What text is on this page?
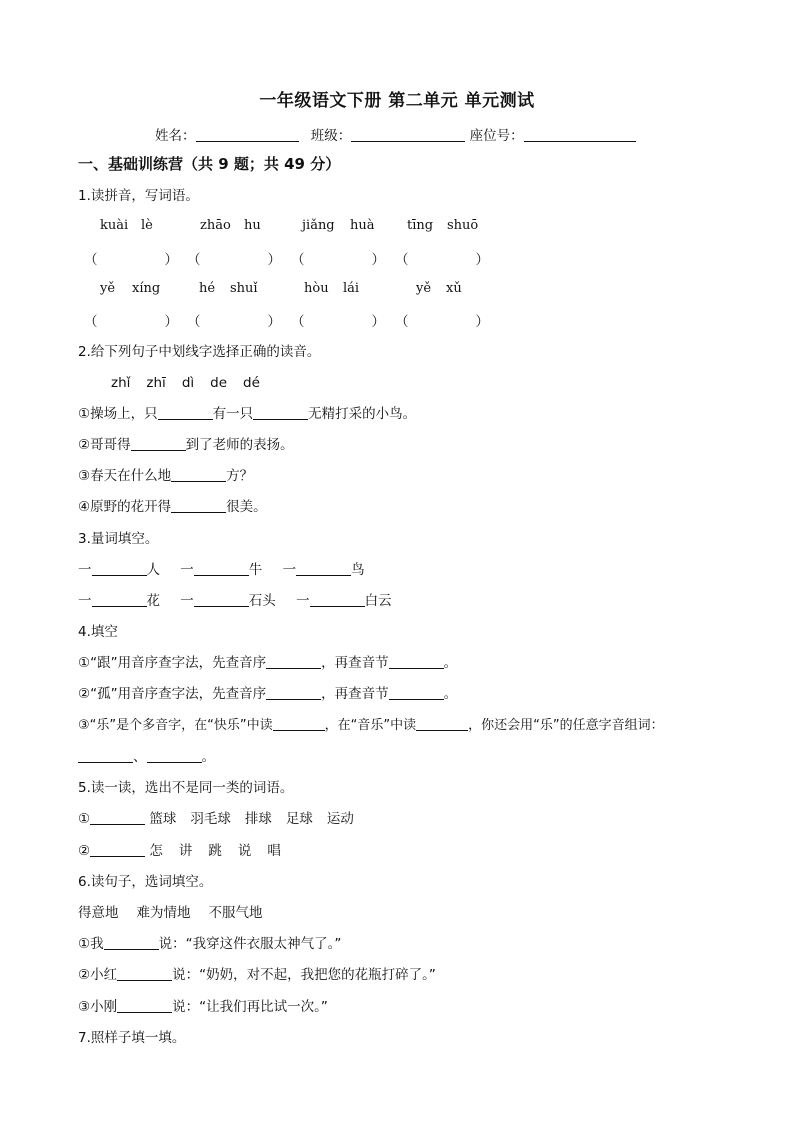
一年级语文下册 第二单元 单元测试
姓名：	班级：	座位号：
一、基础训练营（共 9 题；共 49 分）
1.读拼音，写词语。
kuài lè	zhāo hu	jiǎng huà	tīng shuō
（	） （	） （	） （	）
yě xíng	hé shuǐ	hòu lái	yě xǔ
（	） （	） （	） （	）
2.给下列句子中划线字选择正确的读音。
zhǐ zhī dì de dé
①操场上，只	有一只	无精打采的小鸟。
②哥哥得	到了老师的表扬。
③春天在什么地	方？
④原野的花开得	很美。
3.量词填空。
一	人 一	牛 一	鸟
一	花 一	石头 一	白云
4.填空
①“跟”用音序查字法，先查音序	，再查音节	。
②“孤”用音序查字法，先查音序	，再查音节	。
③“乐”是个多音字，在“快乐”中读	，在“音乐”中读	，你还会用“乐”的任意字音组词：
、	。
5.读一读，选出不是同一类的词语。
①	篮球 羽毛球 排球 足球 运动
②	怎 讲 跳 说 唱
6.读句子，选词填空。
得意地 难为情地 不服气地
①我	说：“我穿这件衣服太神气了。”
②小红	说：“奶奶，对不起，我把您的花瓶打碎了。”
③小刚	说：“让我们再比试一次。”
7.照样子填一填。
